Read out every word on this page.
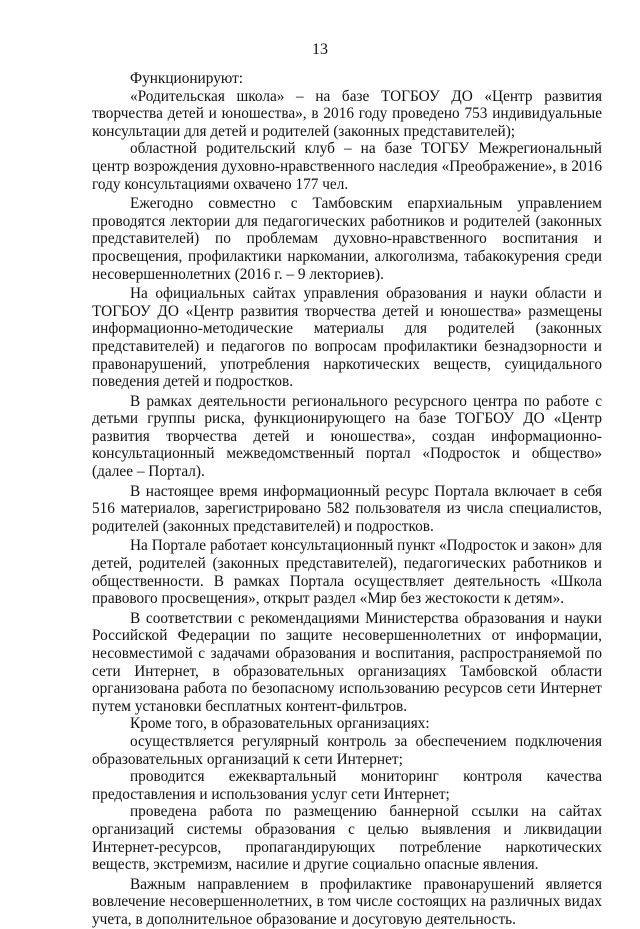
13

Функционируют:

«Родительская школа» – на базе ТОГБОУ ДО «Центр развития творчества детей и юношества», в 2016 году проведено 753 индивидуальные консультации для детей и родителей (законных представителей);

областной родительский клуб – на базе ТОГБУ Межрегиональный центр возрождения духовно-нравственного наследия «Преображение», в 2016 году консультациями охвачено 177 чел.

Ежегодно совместно с Тамбовским епархиальным управлением проводятся лектории для педагогических работников и родителей (законных представителей) по проблемам духовно-нравственного воспитания и просвещения, профилактики наркомании, алкоголизма, табакокурения среди несовершеннолетних (2016 г. – 9 лекториев).

На официальных сайтах управления образования и науки области и ТОГБОУ ДО «Центр развития творчества детей и юношества» размещены информационно-методические материалы для родителей (законных представителей) и педагогов по вопросам профилактики безнадзорности и правонарушений, употребления наркотических веществ, суицидального поведения детей и подростков.

В рамках деятельности регионального ресурсного центра по работе с детьми группы риска, функционирующего на базе ТОГБОУ ДО «Центр развития творчества детей и юношества», создан информационно-консультационный межведомственный портал «Подросток и общество» (далее – Портал).

В настоящее время информационный ресурс Портала включает в себя 516 материалов, зарегистрировано 582 пользователя из числа специалистов, родителей (законных представителей) и подростков.

На Портале работает консультационный пункт «Подросток и закон» для детей, родителей (законных представителей), педагогических работников и общественности. В рамках Портала осуществляет деятельность «Школа правового просвещения», открыт раздел «Мир без жестокости к детям».

В соответствии с рекомендациями Министерства образования и науки Российской Федерации по защите несовершеннолетних от информации, несовместимой с задачами образования и воспитания, распространяемой по сети Интернет, в образовательных организациях Тамбовской области организована работа по безопасному использованию ресурсов сети Интернет путем установки бесплатных контент-фильтров.

Кроме того, в образовательных организациях:

осуществляется регулярный контроль за обеспечением подключения образовательных организаций к сети Интернет;

проводится ежеквартальный мониторинг контроля качества предоставления и использования услуг сети Интернет;

проведена работа по размещению баннерной ссылки на сайтах организаций системы образования с целью выявления и ликвидации Интернет-ресурсов, пропагандирующих потребление наркотических веществ, экстремизм, насилие и другие социально опасные явления.

Важным направлением в профилактике правонарушений является вовлечение несовершеннолетних, в том числе состоящих на различных видах учета, в дополнительное образование и досуговую деятельность.
